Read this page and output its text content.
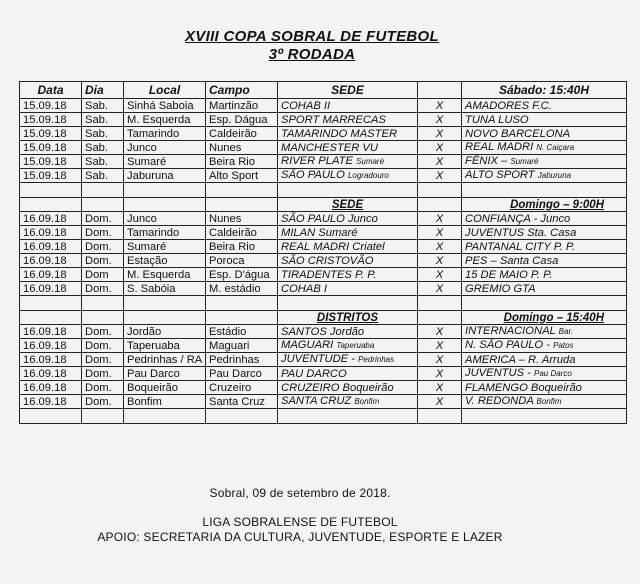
XVIII COPA SOBRAL DE FUTEBOL
3º RODADA
Data	Dia	Local	Campo	SEDE		Sábado: 15:40H
15.09.18	Sab.	Sinhá Saboia	Martinzão	COHAB II	X	AMADORES F.C.
15.09.18	Sab.	M. Esquerda	Esp. Dágua	SPORT MARRECAS	X	TUNA LUSO
15.09.18	Sab.	Tamarindo	Caldeirão	TAMARINDO MASTER	X	NOVO BARCELONA
15.09.18	Sab.	Junco	Nunes	MANCHESTER VU	X	REAL MADRI N. Caiçara
15.09.18	Sab.	Sumaré	Beira Rio	RIVER PLATE Sumaré	X	FÊNIX – Sumaré
15.09.18	Sab.	Jaburuna	Alto Sport	SÃO PAULO Logradouro	X	ALTO SPORT Jaburuna

				SEDE		Domingo – 9:00H
16.09.18	Dom.	Junco	Nunes	SÃO PAULO Junco	X	CONFIANÇA - Junco
16.09.18	Dom.	Tamarindo	Caldeirão	MILAN Sumaré	X	JUVENTUS Sta. Casa
16.09.18	Dom.	Sumaré	Beira Rio	REAL MADRI Criatel	X	PANTANAL CITY P. P.
16.09.18	Dom.	Estação	Poroca	SÃO CRISTOVÃO	X	PES – Santa Casa
16.09.18	Dom	M. Esquerda	Esp. D'água	TIRADENTES P. P.	X	15 DE MAIO P. P.
16.09.18	Dom.	S. Sabóia	M. estádio	COHAB I	X	GREMIO GTA

				DISTRITOS		Domingo – 15:40H
16.09.18	Dom.	Jordão	Estádio	SANTOS Jordão	X	INTERNACIONAL Bar.
16.09.18	Dom.	Taperuaba	Maguari	MAGUARI Taperuaba	X	N. SÃO PAULO - Patos
16.09.18	Dom.	Pedrinhas / RA	Pedrinhas	JUVENTUDE - Pedrinhas	X	AMERICA – R. Arruda
16.09.18	Dom.	Pau Darco	Pau Darco	PAU DARCO	X	JUVENTUS - Pau Darco
16.09.18	Dom.	Boqueirão	Cruzeiro	CRUZEIRO Boqueirão	X	FLAMENGO Boqueirão
16.09.18	Dom.	Bonfim	Santa Cruz	SANTA CRUZ Bonfim	X	V. REDONDA Bonfim

Sobral, 09 de setembro de 2018.
LIGA SOBRALENSE DE FUTEBOL
APOIO: SECRETARIA DA CULTURA, JUVENTUDE, ESPORTE E LAZER
